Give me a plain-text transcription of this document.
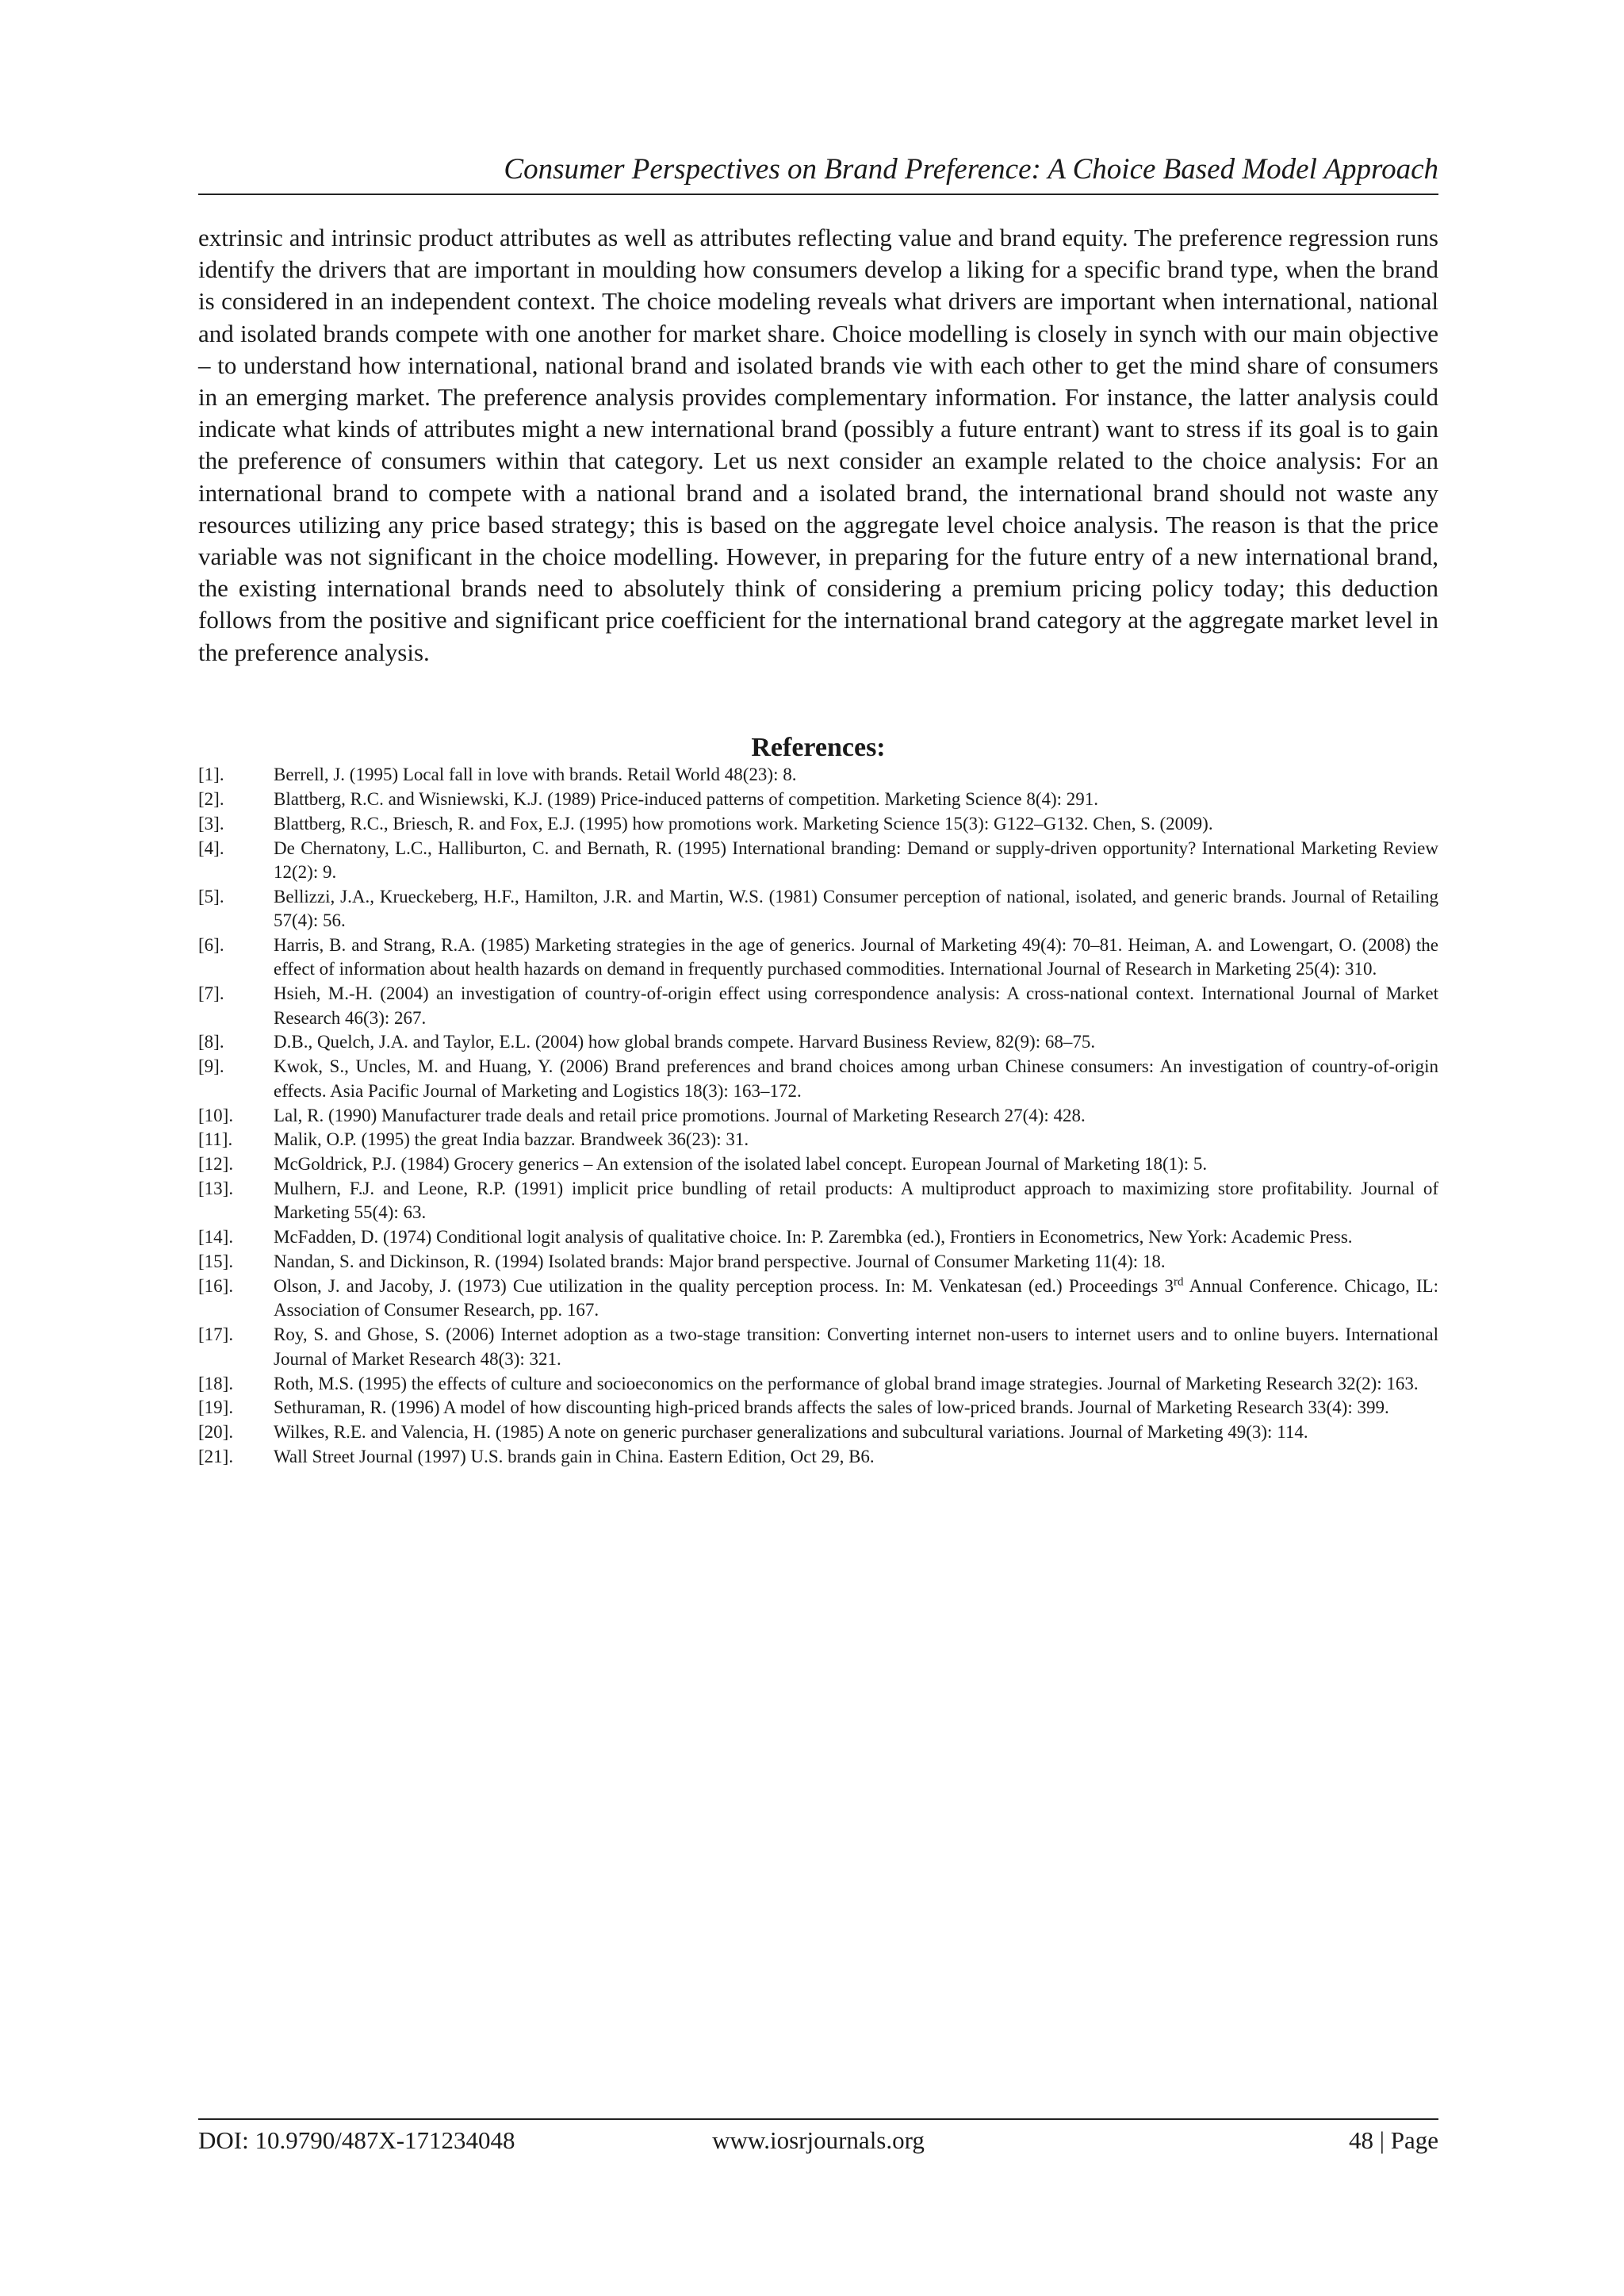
Consumer Perspectives on Brand Preference: A Choice Based Model Approach

extrinsic and intrinsic product attributes as well as attributes reflecting value and brand equity. The preference regression runs identify the drivers that are important in moulding how consumers develop a liking for a specific brand type, when the brand is considered in an independent context. The choice modeling reveals what drivers are important when international, national and isolated brands compete with one another for market share. Choice modelling is closely in synch with our main objective – to understand how international, national brand and isolated brands vie with each other to get the mind share of consumers in an emerging market. The preference analysis provides complementary information. For instance, the latter analysis could indicate what kinds of attributes might a new international brand (possibly a future entrant) want to stress if its goal is to gain the preference of consumers within that category. Let us next consider an example related to the choice analysis: For an international brand to compete with a national brand and a isolated brand, the international brand should not waste any resources utilizing any price based strategy; this is based on the aggregate level choice analysis. The reason is that the price variable was not significant in the choice modelling. However, in preparing for the future entry of a new international brand, the existing international brands need to absolutely think of considering a premium pricing policy today; this deduction follows from the positive and significant price coefficient for the international brand category at the aggregate market level in the preference analysis.

References:
[1].	Berrell, J. (1995) Local fall in love with brands. Retail World 48(23): 8.
[2].	Blattberg, R.C. and Wisniewski, K.J. (1989) Price-induced patterns of competition. Marketing Science 8(4): 291.
[3].	Blattberg, R.C., Briesch, R. and Fox, E.J. (1995) how promotions work. Marketing Science 15(3): G122–G132. Chen, S. (2009).
[4].	De Chernatony, L.C., Halliburton, C. and Bernath, R. (1995) International branding: Demand or supply-driven opportunity? International Marketing Review 12(2): 9.
[5].	Bellizzi, J.A., Krueckeberg, H.F., Hamilton, J.R. and Martin, W.S. (1981) Consumer perception of national, isolated, and generic brands. Journal of Retailing 57(4): 56.
[6].	Harris, B. and Strang, R.A. (1985) Marketing strategies in the age of generics. Journal of Marketing 49(4): 70–81. Heiman, A. and Lowengart, O. (2008) the effect of information about health hazards on demand in frequently purchased commodities. International Journal of Research in Marketing 25(4): 310.
[7].	Hsieh, M.-H. (2004) an investigation of country-of-origin effect using correspondence analysis: A cross-national context. International Journal of Market Research 46(3): 267.
[8].	D.B., Quelch, J.A. and Taylor, E.L. (2004) how global brands compete. Harvard Business Review, 82(9): 68–75.
[9].	Kwok, S., Uncles, M. and Huang, Y. (2006) Brand preferences and brand choices among urban Chinese consumers: An investigation of country-of-origin effects. Asia Pacific Journal of Marketing and Logistics 18(3): 163–172.
[10]. Lal, R. (1990) Manufacturer trade deals and retail price promotions. Journal of Marketing Research 27(4): 428.
[11]. Malik, O.P. (1995) the great India bazzar. Brandweek 36(23): 31.
[12]. McGoldrick, P.J. (1984) Grocery generics – An extension of the isolated label concept. European Journal of Marketing 18(1): 5.
[13]. Mulhern, F.J. and Leone, R.P. (1991) implicit price bundling of retail products: A multiproduct approach to maximizing store profitability. Journal of Marketing 55(4): 63.
[14]. McFadden, D. (1974) Conditional logit analysis of qualitative choice. In: P. Zarembka (ed.), Frontiers in Econometrics, New York: Academic Press.
[15]. Nandan, S. and Dickinson, R. (1994) Isolated brands: Major brand perspective. Journal of Consumer Marketing 11(4): 18.
[16]. Olson, J. and Jacoby, J. (1973) Cue utilization in the quality perception process. In: M. Venkatesan (ed.) Proceedings 3rd Annual Conference. Chicago, IL: Association of Consumer Research, pp. 167.
[17]. Roy, S. and Ghose, S. (2006) Internet adoption as a two-stage transition: Converting internet non-users to internet users and to online buyers. International Journal of Market Research 48(3): 321.
[18]. Roth, M.S. (1995) the effects of culture and socioeconomics on the performance of global brand image strategies. Journal of Marketing Research 32(2): 163.
[19]. Sethuraman, R. (1996) A model of how discounting high-priced brands affects the sales of low-priced brands. Journal of Marketing Research 33(4): 399.
[20]. Wilkes, R.E. and Valencia, H. (1985) A note on generic purchaser generalizations and subcultural variations. Journal of Marketing 49(3): 114.
[21]. Wall Street Journal (1997) U.S. brands gain in China. Eastern Edition, Oct 29, B6.
DOI: 10.9790/487X-171234048	www.iosrjournals.org	48 | Page
